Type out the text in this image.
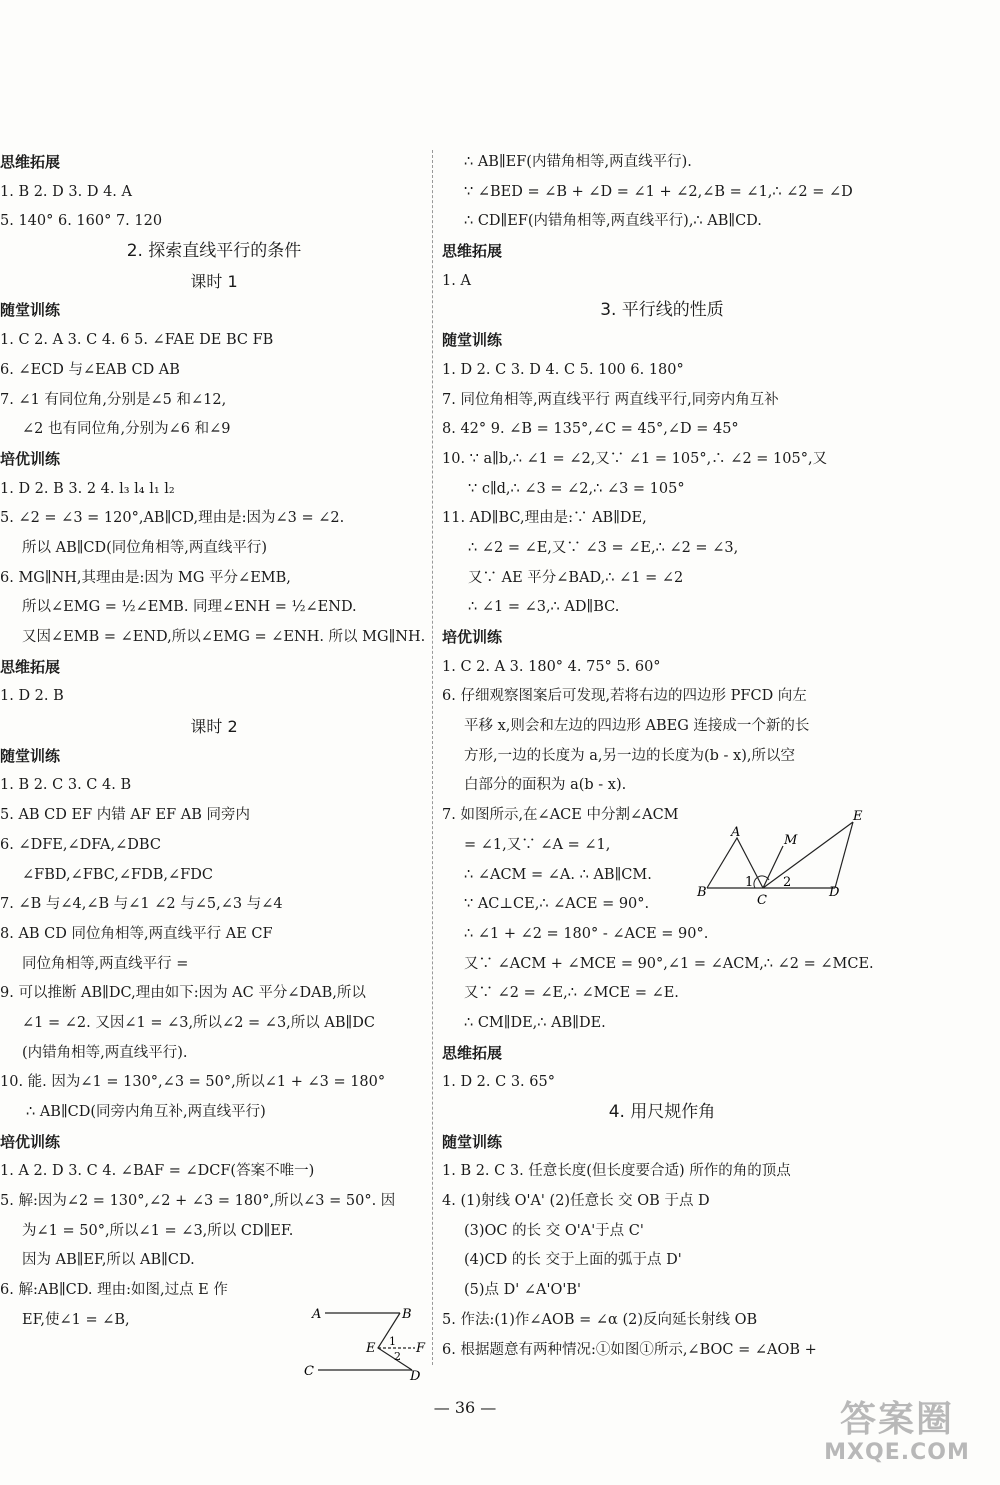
思维拓展
1. B 2. D 3. D 4. A
5. 140° 6. 160° 7. 120
2. 探索直线平行的条件
课时 1
随堂训练
1. C 2. A 3. C 4. 6 5. ∠FAE DE BC FB
6. ∠ECD 与∠EAB CD AB
7. ∠1 有同位角,分别是∠5 和∠12,
∠2 也有同位角,分别为∠6 和∠9
培优训练
1. D 2. B 3. 2 4. l₃ l₄ l₁ l₂
5. ∠2 = ∠3 = 120°,AB∥CD,理由是:因为∠3 = ∠2.
所以 AB∥CD(同位角相等,两直线平行)
6. MG∥NH,其理由是:因为 MG 平分∠EMB,
所以∠EMG = ½∠EMB. 同理∠ENH = ½∠END.
又因∠EMB = ∠END,所以∠EMG = ∠ENH. 所以 MG∥NH.
思维拓展
1. D 2. B
课时 2
随堂训练
1. B 2. C 3. C 4. B
5. AB CD EF 内错 AF EF AB 同旁内
6. ∠DFE,∠DFA,∠DBC
∠FBD,∠FBC,∠FDB,∠FDC
7. ∠B 与∠4,∠B 与∠1 ∠2 与∠5,∠3 与∠4
8. AB CD 同位角相等,两直线平行 AE CF
同位角相等,两直线平行 =
9. 可以推断 AB∥DC,理由如下:因为 AC 平分∠DAB,所以
∠1 = ∠2. 又因∠1 = ∠3,所以∠2 = ∠3,所以 AB∥DC
(内错角相等,两直线平行).
10. 能. 因为∠1 = 130°,∠3 = 50°,所以∠1 + ∠3 = 180°
∴ AB∥CD(同旁内角互补,两直线平行)
培优训练
1. A 2. D 3. C 4. ∠BAF = ∠DCF(答案不唯一)
5. 解:因为∠2 = 130°,∠2 + ∠3 = 180°,所以∠3 = 50°. 因
为∠1 = 50°,所以∠1 = ∠3,所以 CD∥EF.
因为 AB∥EF,所以 AB∥CD.
6. 解:AB∥CD. 理由:如图,过点 E 作
EF,使∠1 = ∠B,
∴ AB∥EF(内错角相等,两直线平行).
∵ ∠BED = ∠B + ∠D = ∠1 + ∠2,∠B = ∠1,∴ ∠2 = ∠D
∴ CD∥EF(内错角相等,两直线平行),∴ AB∥CD.
思维拓展
1. A
3. 平行线的性质
随堂训练
1. D 2. C 3. D 4. C 5. 100 6. 180°
7. 同位角相等,两直线平行 两直线平行,同旁内角互补
8. 42° 9. ∠B = 135°,∠C = 45°,∠D = 45°
10. ∵ a∥b,∴ ∠1 = ∠2,又∵ ∠1 = 105°,∴ ∠2 = 105°,又
∵ c∥d,∴ ∠3 = ∠2,∴ ∠3 = 105°
11. AD∥BC,理由是:∵ AB∥DE,
∴ ∠2 = ∠E,又∵ ∠3 = ∠E,∴ ∠2 = ∠3,
又∵ AE 平分∠BAD,∴ ∠1 = ∠2
∴ ∠1 = ∠3,∴ AD∥BC.
培优训练
1. C 2. A 3. 180° 4. 75° 5. 60°
6. 仔细观察图案后可发现,若将右边的四边形 PFCD 向左
平移 x,则会和左边的四边形 ABEG 连接成一个新的长
方形,一边的长度为 a,另一边的长度为(b - x),所以空
白部分的面积为 a(b - x).
7. 如图所示,在∠ACE 中分割∠ACM
= ∠1,又∵ ∠A = ∠1,
∴ ∠ACM = ∠A. ∴ AB∥CM.
∵ AC⊥CE,∴ ∠ACE = 90°.
∴ ∠1 + ∠2 = 180° - ∠ACE = 90°.
又∵ ∠ACM + ∠MCE = 90°,∠1 = ∠ACM,∴ ∠2 = ∠MCE.
又∵ ∠2 = ∠E,∴ ∠MCE = ∠E.
∴ CM∥DE,∴ AB∥DE.
思维拓展
1. D 2. C 3. 65°
4. 用尺规作角
随堂训练
1. B 2. C 3. 任意长度(但长度要合适) 所作的角的顶点
4. (1)射线 O'A' (2)任意长 交 OB 于点 D
(3)OC 的长 交 O'A'于点 C'
(4)CD 的长 交于上面的弧于点 D'
(5)点 D' ∠A'O'B'
5. 作法:(1)作∠AOB = ∠α (2)反向延长射线 OB
6. 根据题意有两种情况:①如图①所示,∠BOC = ∠AOB +
A	B
C	D
E	F
1
2
A
B
C
D
E
M
1 2
— 36 —	答案圈
MXQE.COM
